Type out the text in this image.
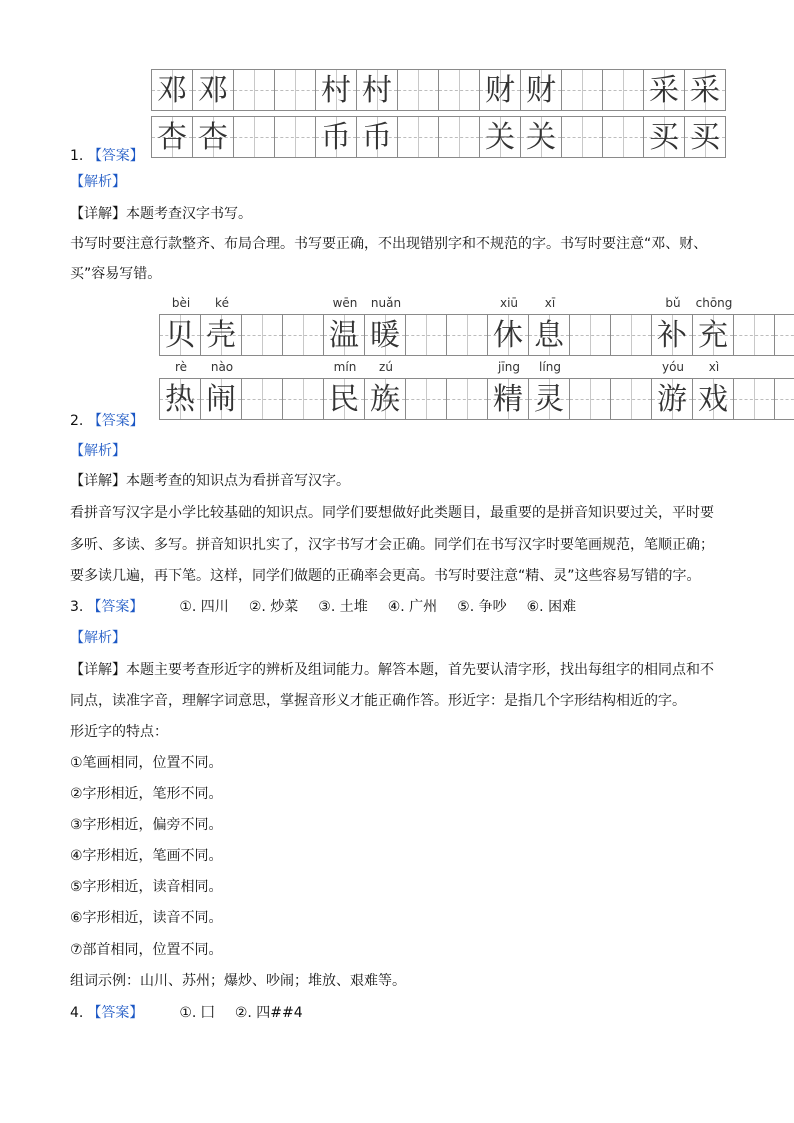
邓 邓	村 村	财 财	采 采
杏 杏	币 币	关 关	买 买
1. 【答案】
【解析】
【详解】本题考查汉字书写。
书写时要注意行款整齐、布局合理。书写要正确，不出现错别字和不规范的字。书写时要注意“邓、财、
买”容易写错。
bèi	ké	wēn	nuǎn	xiū	xī	bǔ	chōng
贝 壳	温 暖	休 息	补 充
rè	nào	mín	zú	jīng	líng	yóu	xì
热 闹	民 族	精 灵	游 戏
2. 【答案】
【解析】
【详解】本题考查的知识点为看拼音写汉字。
看拼音写汉字是小学比较基础的知识点。同学们要想做好此类题目，最重要的是拼音知识要过关，平时要
多听、多读、多写。拼音知识扎实了，汉字书写才会正确。同学们在书写汉字时要笔画规范，笔顺正确；
要多读几遍，再下笔。这样，同学们做题的正确率会更高。书写时要注意“精、灵”这些容易写错的字。
3. 【答案】	①. 四川 ②. 炒菜 ③. 土堆 ④. 广州 ⑤. 争吵 ⑥. 困难
【解析】
【详解】本题主要考查形近字的辨析及组词能力。解答本题，首先要认清字形，找出每组字的相同点和不
同点，读准字音，理解字词意思，掌握音形义才能正确作答。形近字：是指几个字形结构相近的字。
形近字的特点：
①笔画相同，位置不同。
②字形相近，笔形不同。
③字形相近，偏旁不同。
④字形相近，笔画不同。
⑤字形相近，读音相同。
⑥字形相近，读音不同。
⑦部首相同，位置不同。
组词示例：山川、苏州；爆炒、吵闹；堆放、艰难等。
4. 【答案】	①. 囗 ②. 四##4
